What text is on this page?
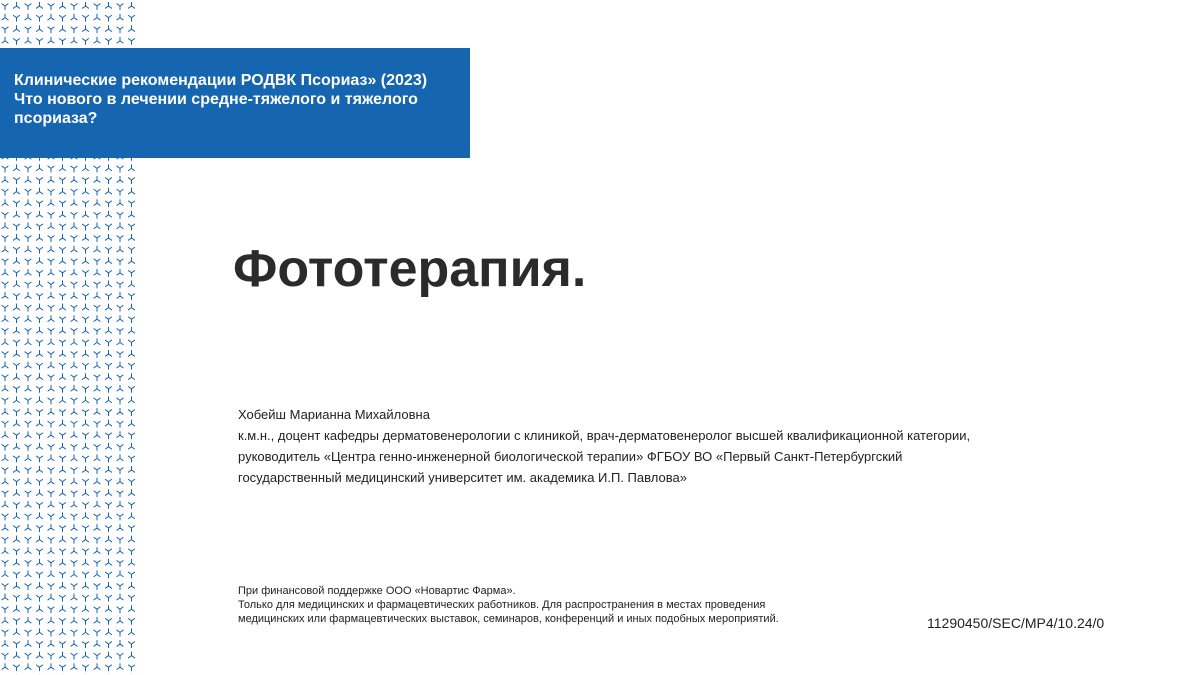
Клинические рекомендации РОДВК Псориаз» (2023)
Что нового в лечении средне-тяжелого и тяжелого
псориаза?
Фототерапия.
Хобейш Марианна Михайловна
к.м.н., доцент кафедры дерматовенерологии с клиникой, врач-дерматовенеролог высшей квалификационной категории,
руководитель «Центра генно-инженерной биологической терапии» ФГБОУ ВО «Первый Санкт-Петербургский
государственный медицинский университет им. академика И.П. Павлова»
При финансовой поддержке ООО «Новартис Фарма».
Только для медицинских и фармацевтических работников. Для распространения в местах проведения
медицинских или фармацевтических выставок, семинаров, конференций и иных подобных мероприятий.	11290450/SEC/MP4/10.24/0
